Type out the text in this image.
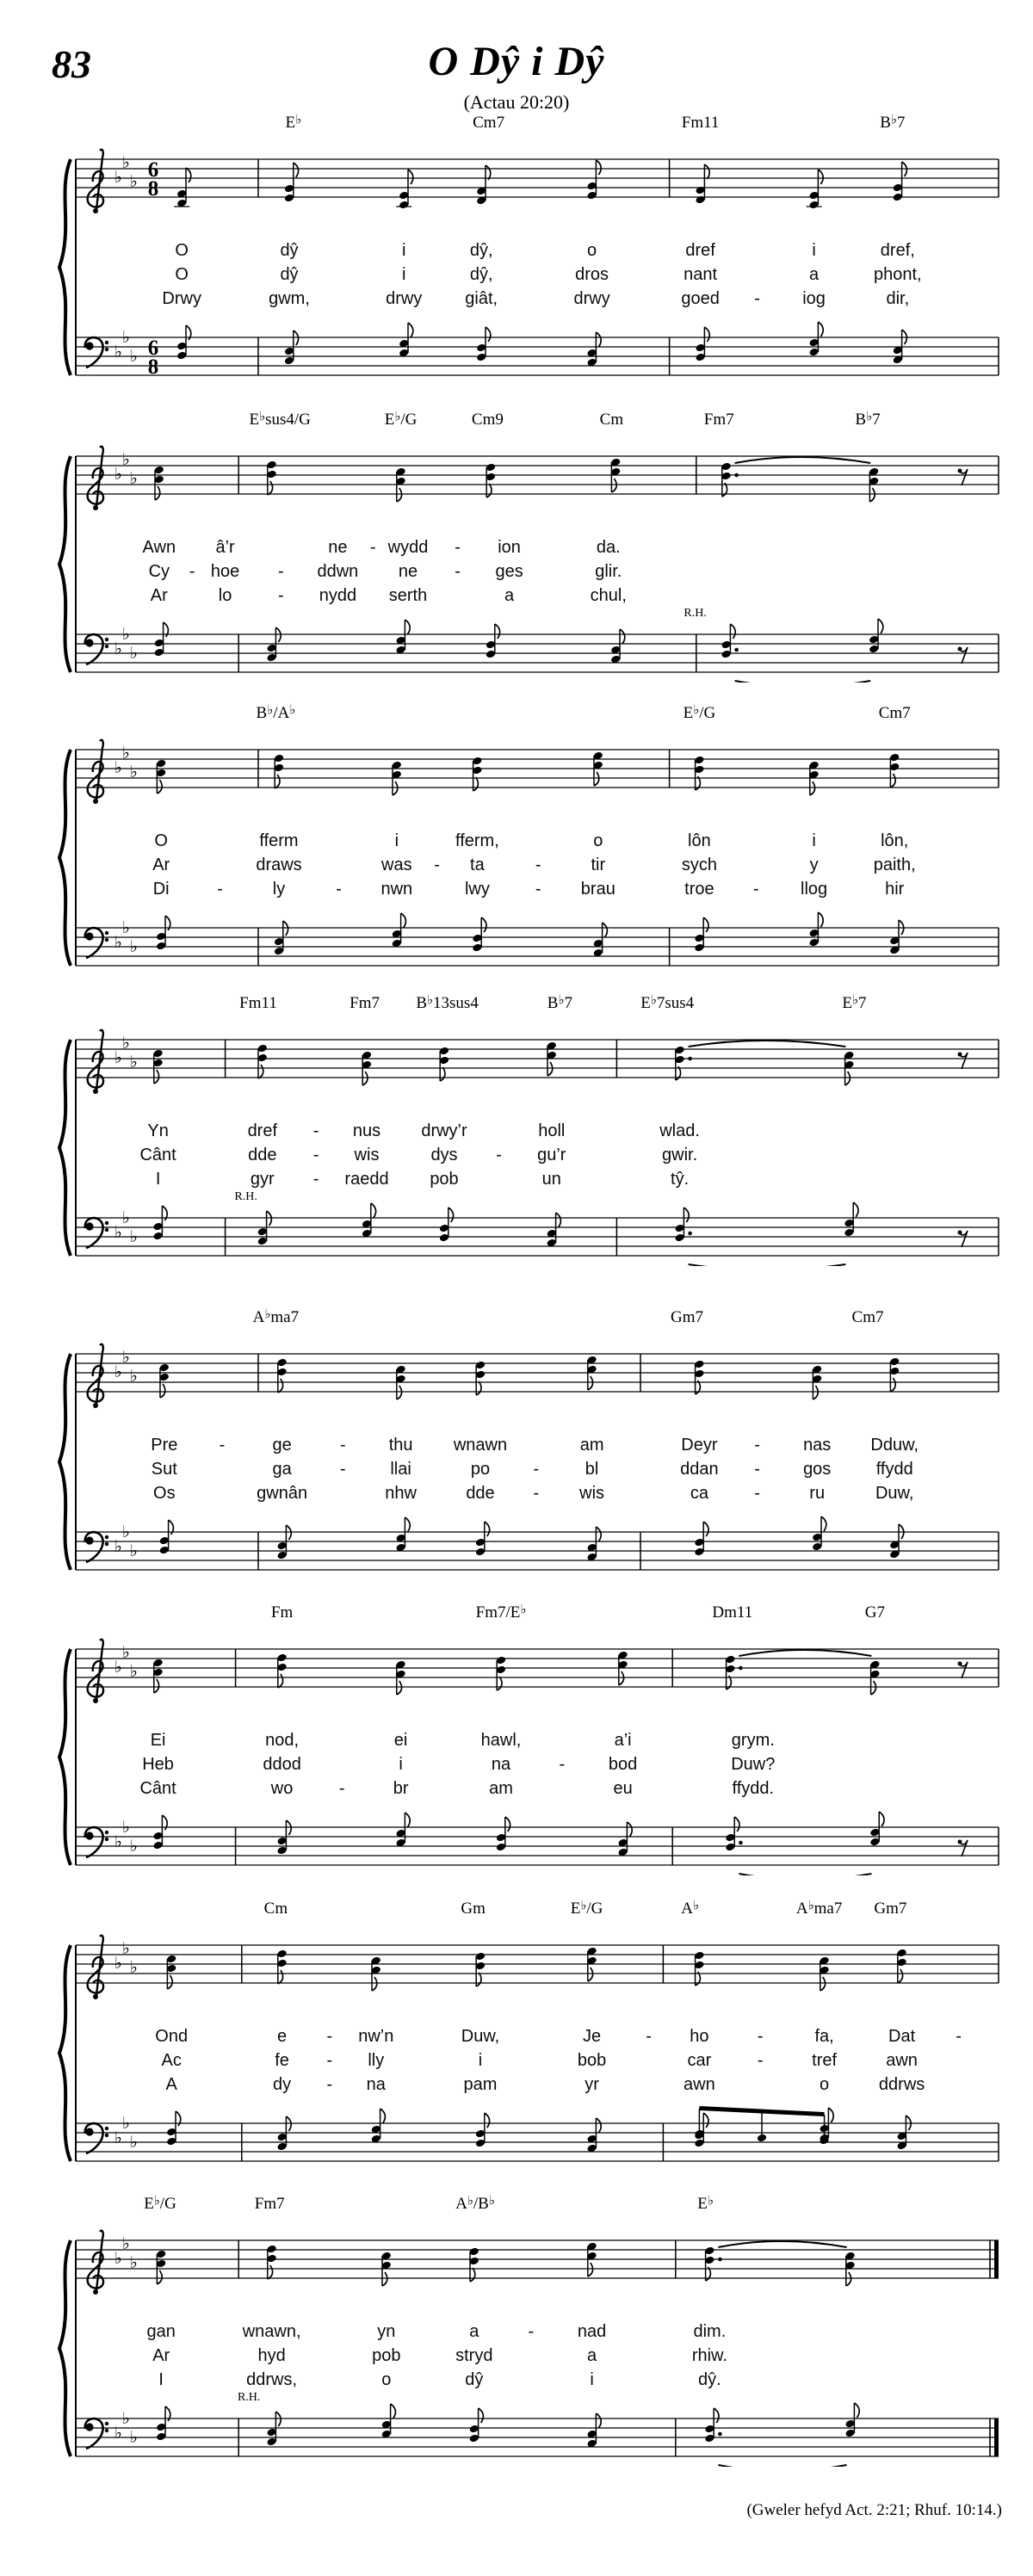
83	O Dŷ i Dŷ
(Actau 20:20)
♭
♭
♭
♭
♭
♭
6
8
6
8
E♭	Cm7	Fm11	B♭7
O	dŷ	i	dŷ,	o	dref	i	dref,
O	dŷ	i	dŷ,	dros	nant	a	phont,
Drwy	gwm,	drwy giât,	drwy	goed - iog	dir,
♭
♭
♭
♭
♭
♭
E♭sus4/G	E♭/G	Cm9	Cm	Fm7	B♭7
Awn â’r	ne - wydd - ion	da.
Cy - hoe - ddwn ne - ges	glir.
Ar	lo	- nydd serth	a	chul,
R.H.
♭
♭
♭
♭
♭
♭
B♭/A♭	E♭/G	Cm7
O	fferm	i	fferm,	o	lôn	i	lôn,
Ar	draws	was - ta	-	tir	sych	y	paith,
Di	-	ly	- nwn	lwy	- brau	troe - llog	hir
♭
♭
♭
♭
♭
♭
Fm11	Fm7 B♭13sus4	B♭7	E♭7sus4	E♭7
Yn	dref - nus drwy’r	holl	wlad.
Cânt	dde - wis	dys - gu’r	gwir.
I	gyr - raedd pob	un	tŷ.
R.H.
♭
♭
♭
♭
♭
♭
A♭ma7	Gm7	Cm7
Pre -	ge	- thu wnawn	am	Deyr -	nas Dduw,
Sut	ga	-	llai	po	-	bl	ddan -	gos	ffydd
Os	gwnân	nhw	dde - wis	ca	-	ru	Duw,
♭
♭
♭
♭
♭
♭
Fm	Fm7/E♭	Dm11	G7
Ei	nod,	ei	hawl,	a’i	grym.
Heb	ddod	i	na	-	bod	Duw?
Cânt	wo	-	br	am	eu	ffydd.
♭
♭
♭
♭
♭
♭
Cm	Gm	E♭/G	A♭	A♭ma7 Gm7
Ond	e - nw’n	Duw,	Je	- ho	-	fa,	Dat -
Ac	fe - lly	i	bob	car	-	tref	awn
A	dy - na	pam	yr	awn	o	ddrws
♭
♭
♭
♭
♭
♭
E♭/G	Fm7	A♭/B♭	E♭
gan	wnawn,	yn	a	-	nad	dim.
Ar	hyd	pob	stryd	a	rhiw.
I	ddrws,	o	dŷ	i	dŷ.
R.H.
(Gweler hefyd Act. 2:21; Rhuf. 10:14.)
